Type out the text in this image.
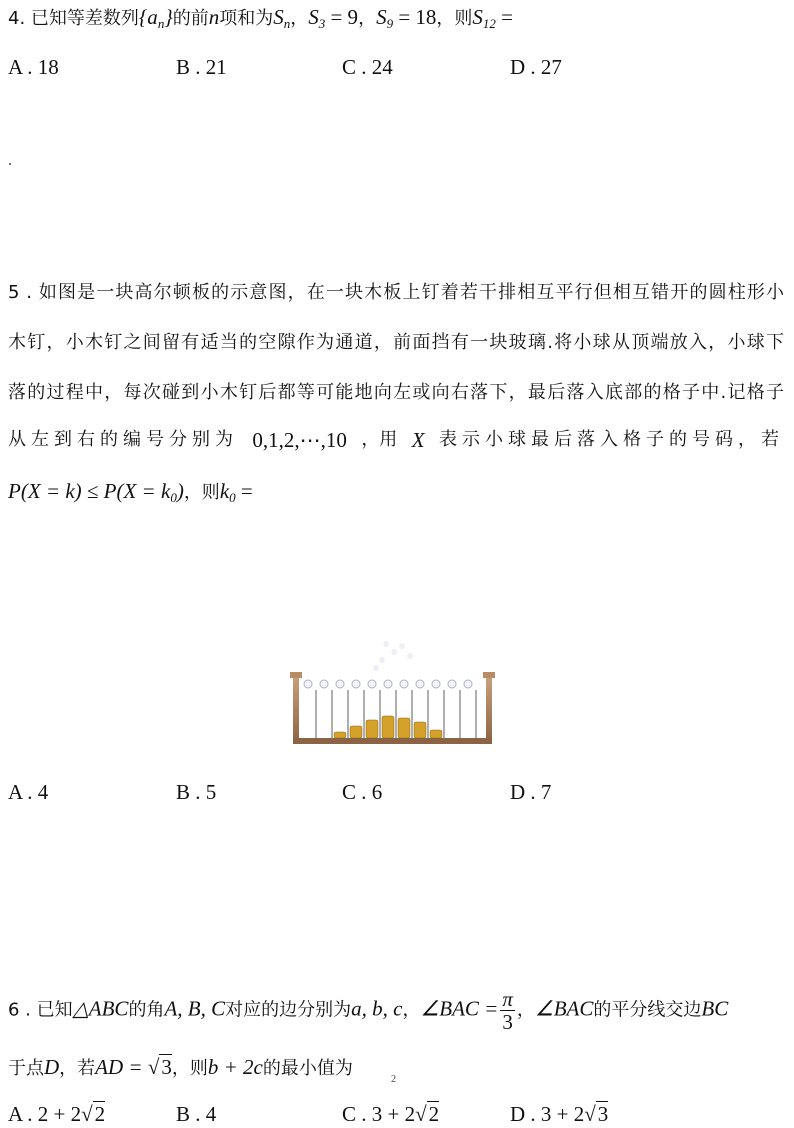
4. 已知等差数列$\{a_n\}$的前n项和为$S_n$，$S_3 = 9$，$S_9 = 18$，则$S_{12}$ =
A . 18	B . 21	C . 24	D . 27
5 . 如图是一块高尔顿板的示意图，在一块木板上钉着若干排相互平行但相互错开的圆柱形小
木钉，小木钉之间留有适当的空隙作为通道，前面挡有一块玻璃.将小球从顶端放入，小球下
落的过程中，每次碰到小木钉后都等可能地向左或向右落下，最后落入底部的格子中.记格子
从左到右的编号分别为 0,1,2,⋯,10 ，用 X 表示小球最后落入格子的号码，若
$P(X = k) \le P(X = k_0)$，则$k_0$ =
A . 4	B . 5	C . 6	D . 7
6 . 已知△ABC的角A, B, C对应的边分别为a, b, c，∠BAC = $\frac{\pi}{3}$ ，∠BAC的平分线交边BC
于点D，若AD = √3，则b + 2c的最小值为
2
A . 2 + 2√2	B . 4	C . 3 + 2√2	D . 3 + 2√3
